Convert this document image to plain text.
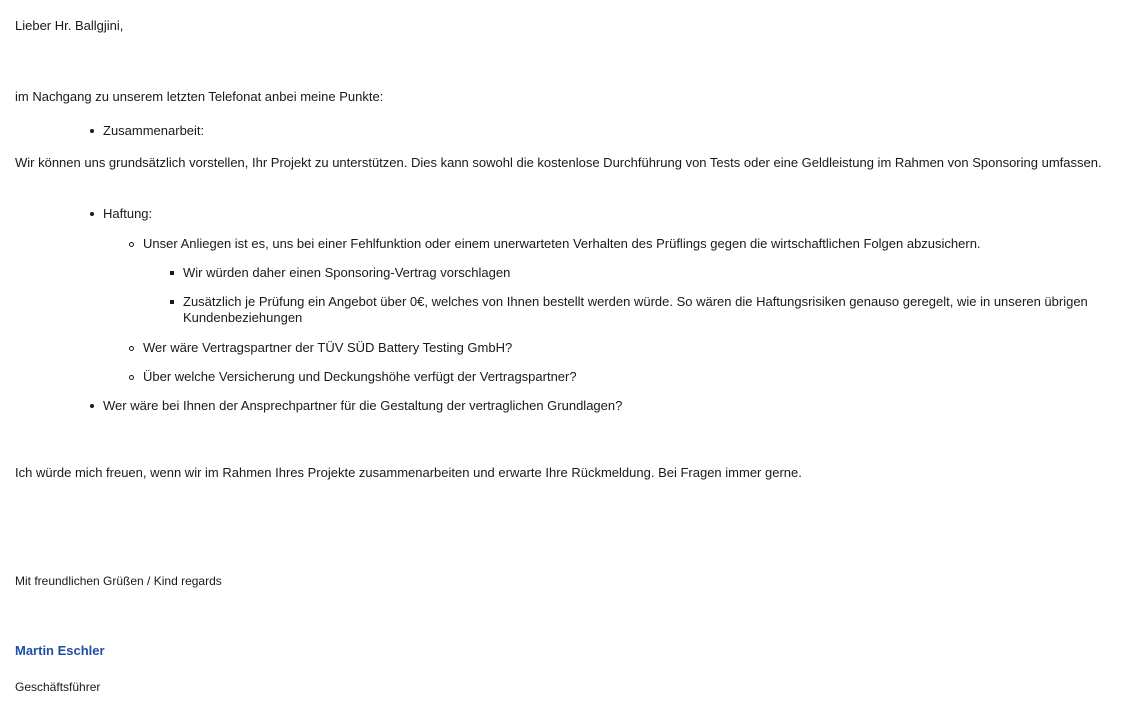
Lieber Hr. Ballgjini,

im Nachgang zu unserem letzten Telefonat anbei meine Punkte:

Zusammenarbeit:

Wir können uns grundsätzlich vorstellen, Ihr Projekt zu unterstützen. Dies kann sowohl die kostenlose Durchführung von Tests oder eine Geldleistung im Rahmen von Sponsoring umfassen.

Haftung:
Unser Anliegen ist es, uns bei einer Fehlfunktion oder einem unerwarteten Verhalten des Prüflings gegen die wirtschaftlichen Folgen abzusichern.
Wir würden daher einen Sponsoring-Vertrag vorschlagen
Zusätzlich je Prüfung ein Angebot über 0€, welches von Ihnen bestellt werden würde. So wären die Haftungsrisiken genauso geregelt, wie in unseren übrigen Kundenbeziehungen
Wer wäre Vertragspartner der TÜV SÜD Battery Testing GmbH?
Über welche Versicherung und Deckungshöhe verfügt der Vertragspartner?
Wer wäre bei Ihnen der Ansprechpartner für die Gestaltung der vertraglichen Grundlagen?

Ich würde mich freuen, wenn wir im Rahmen Ihres Projekte zusammenarbeiten und erwarte Ihre Rückmeldung. Bei Fragen immer gerne.

Mit freundlichen Grüßen / Kind regards
Martin Eschler
Geschäftsführer
